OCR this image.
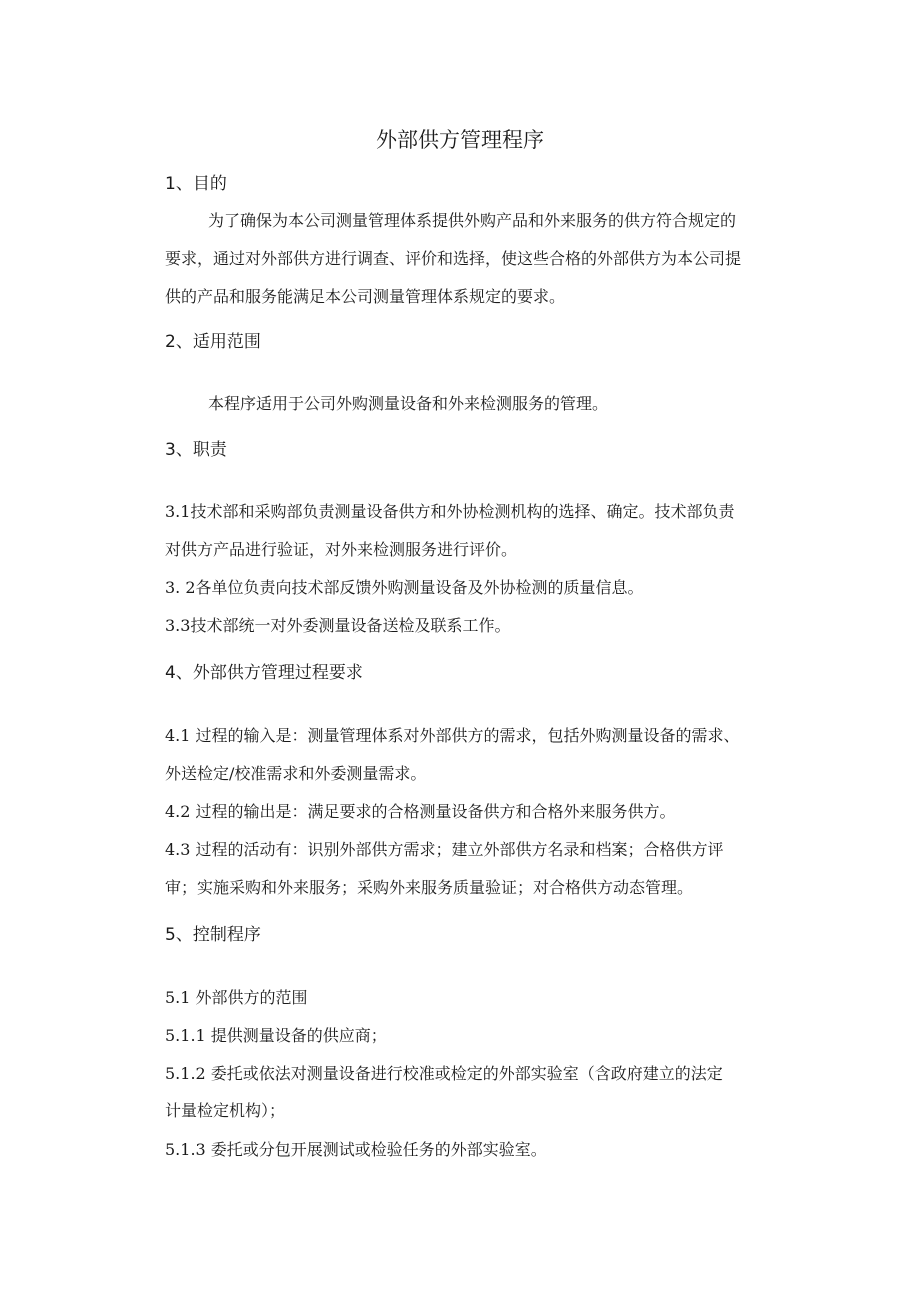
外部供方管理程序
1、目的
为了确保为本公司测量管理体系提供外购产品和外来服务的供方符合规定的
要求，通过对外部供方进行调查、评价和选择，使这些合格的外部供方为本公司提
供的产品和服务能满足本公司测量管理体系规定的要求。
2、适用范围
本程序适用于公司外购测量设备和外来检测服务的管理。
3、职责
3.1技术部和采购部负责测量设备供方和外协检测机构的选择、确定。技术部负责
对供方产品进行验证，对外来检测服务进行评价。
3. 2各单位负责向技术部反馈外购测量设备及外协检测的质量信息。
3.3技术部统一对外委测量设备送检及联系工作。
4、外部供方管理过程要求
4.1 过程的输入是：测量管理体系对外部供方的需求，包括外购测量设备的需求、
外送检定/校准需求和外委测量需求。
4.2 过程的输出是：满足要求的合格测量设备供方和合格外来服务供方。
4.3 过程的活动有：识别外部供方需求；建立外部供方名录和档案；合格供方评
审；实施采购和外来服务；采购外来服务质量验证；对合格供方动态管理。
5、控制程序
5.1 外部供方的范围
5.1.1 提供测量设备的供应商；
5.1.2 委托或依法对测量设备进行校准或检定的外部实验室（含政府建立的法定
计量检定机构）；
5.1.3 委托或分包开展测试或检验任务的外部实验室。
